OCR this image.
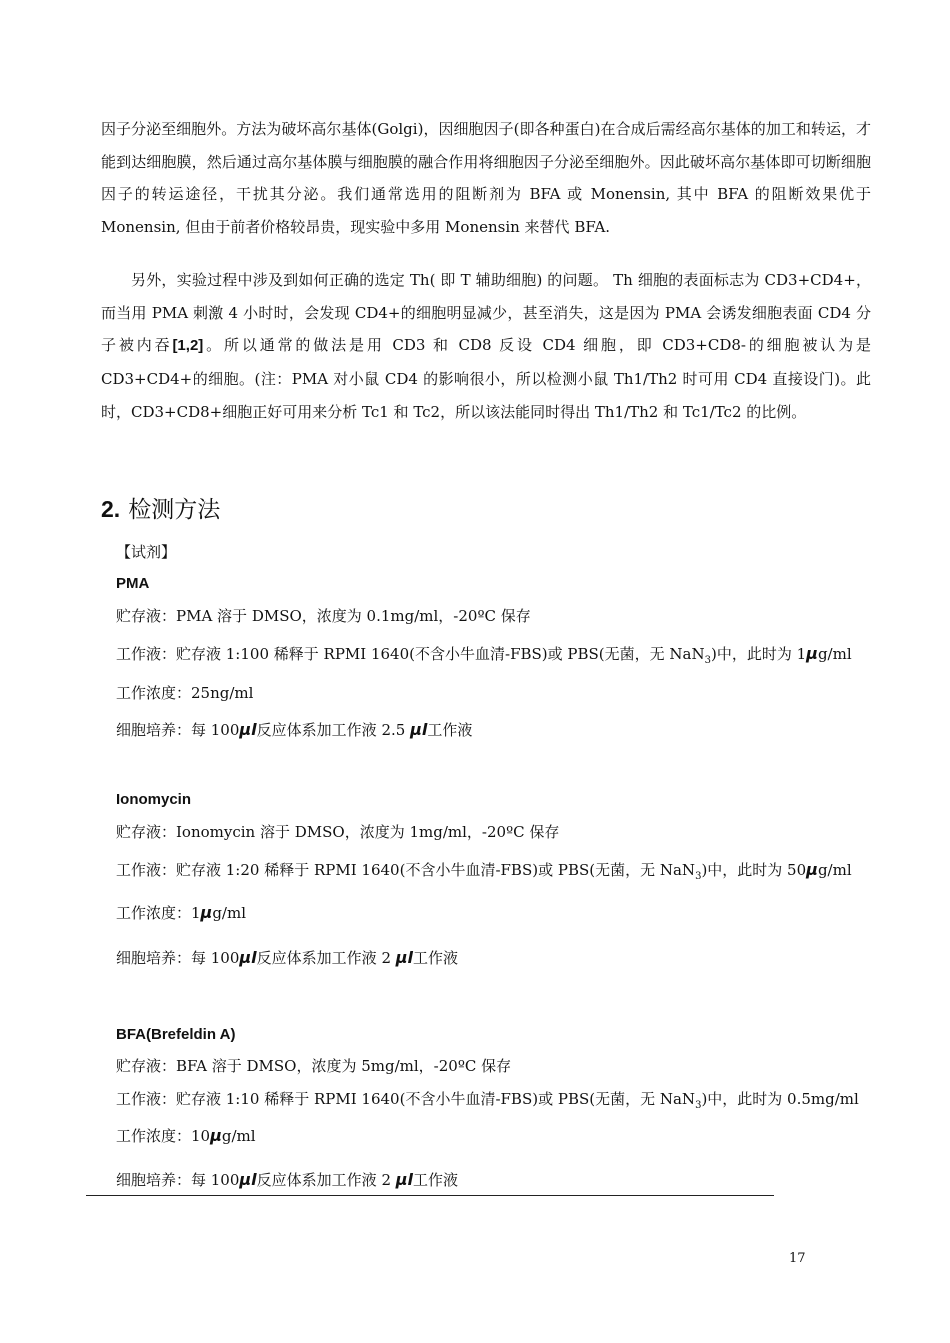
因子分泌至细胞外。方法为破坏高尔基体(Golgi)，因细胞因子(即各种蛋白)在合成后需经高尔基体的加工和转运，才能到达细胞膜，然后通过高尔基体膜与细胞膜的融合作用将细胞因子分泌至细胞外。因此破坏高尔基体即可切断细胞因子的转运途径，干扰其分泌。我们通常选用的阻断剂为 BFA 或 Monensin, 其中 BFA 的阻断效果优于 Monensin, 但由于前者价格较昂贵，现实验中多用 Monensin 来替代 BFA.
另外，实验过程中涉及到如何正确的选定 Th( 即 T 辅助细胞) 的问题。 Th 细胞的表面标志为 CD3+CD4+，而当用 PMA 刺激 4 小时时，会发现 CD4+的细胞明显减少，甚至消失，这是因为 PMA 会诱发细胞表面 CD4 分子被内吞[1,2]。所以通常的做法是用 CD3 和 CD8 反设 CD4 细胞，即 CD3+CD8-的细胞被认为是 CD3+CD4+的细胞。(注：PMA 对小鼠 CD4 的影响很小，所以检测小鼠 Th1/Th2 时可用 CD4 直接设门)。此时，CD3+CD8+细胞正好可用来分析 Tc1 和 Tc2，所以该法能同时得出 Th1/Th2 和 Tc1/Tc2 的比例。
2. 检测方法
【试剂】
PMA
贮存液：PMA 溶于 DMSO，浓度为 0.1mg/ml，-20ºC 保存
工作液：贮存液 1:100 稀释于 RPMI 1640(不含小牛血清-FBS)或 PBS(无菌，无 NaN$_3$)中，此时为 1μg/ml
工作浓度：25ng/ml
细胞培养：每 100μl反应体系加工作液 2.5 μl工作液
Ionomycin
贮存液：Ionomycin 溶于 DMSO，浓度为 1mg/ml，-20ºC 保存
工作液：贮存液 1:20 稀释于 RPMI 1640(不含小牛血清-FBS)或 PBS(无菌，无 NaN$_3$)中，此时为 50μg/ml
工作浓度：1μg/ml
细胞培养：每 100μl反应体系加工作液 2 μl工作液
BFA(Brefeldin A)
贮存液：BFA 溶于 DMSO，浓度为 5mg/ml，-20ºC 保存
工作液：贮存液 1:10 稀释于 RPMI 1640(不含小牛血清-FBS)或 PBS(无菌，无 NaN$_3$)中，此时为 0.5mg/ml
工作浓度：10μg/ml
细胞培养：每 100μl反应体系加工作液 2 μl工作液
17
